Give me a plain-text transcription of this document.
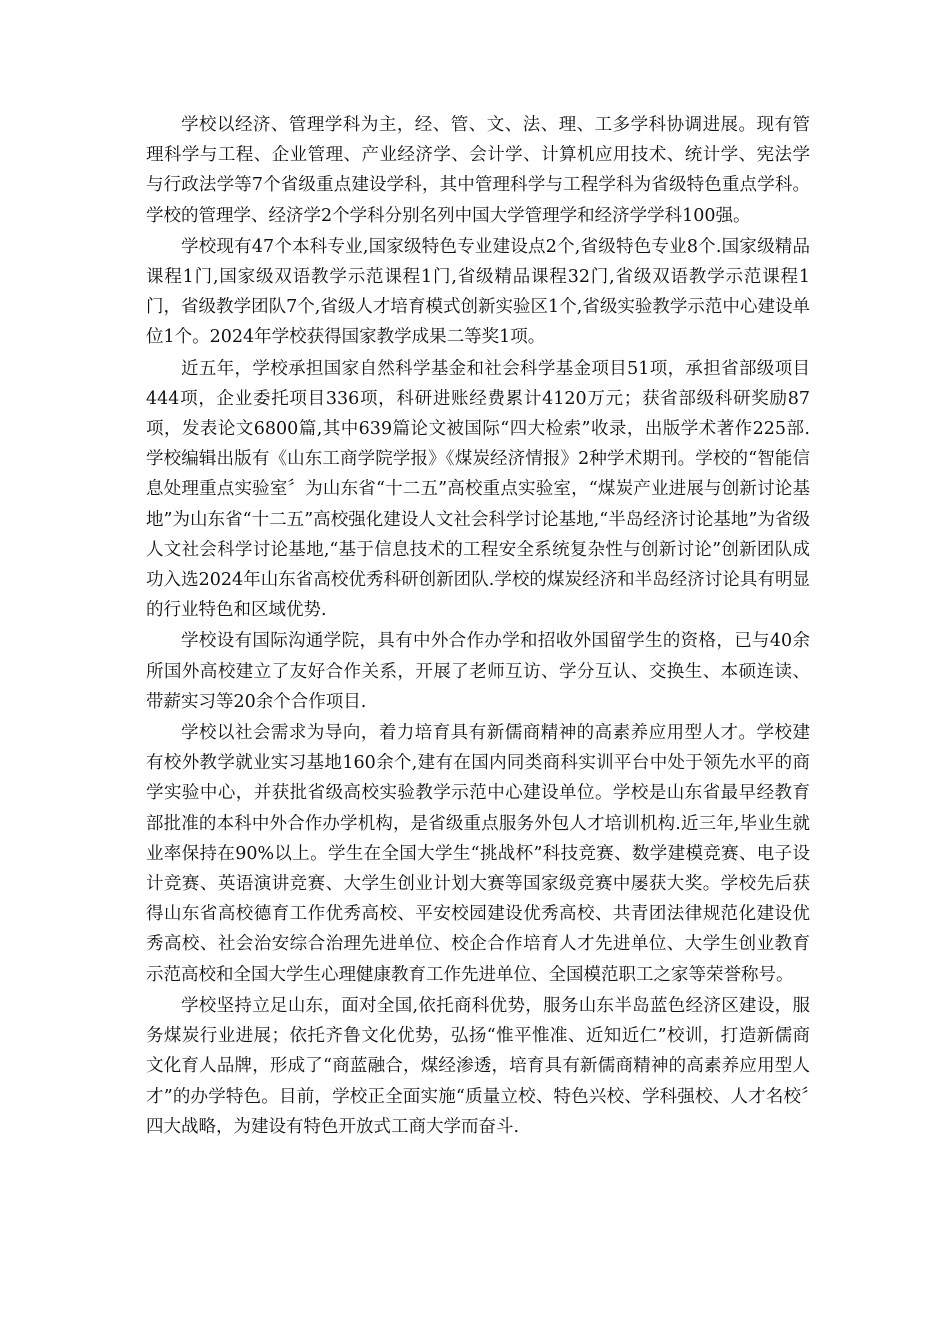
学校以经济、管理学科为主，经、管、文、法、理、工多学科协调进展。现有管理科学与工程、企业管理、产业经济学、会计学、计算机应用技术、统计学、宪法学与行政法学等7个省级重点建设学科，其中管理科学与工程学科为省级特色重点学科。学校的管理学、经济学2个学科分别名列中国大学管理学和经济学学科100强。

学校现有47个本科专业,国家级特色专业建设点2个,省级特色专业8个.国家级精品课程1门,国家级双语教学示范课程1门,省级精品课程32门,省级双语教学示范课程1门，省级教学团队7个,省级人才培育模式创新实验区1个,省级实验教学示范中心建设单位1个。2024年学校获得国家教学成果二等奖1项。

近五年，学校承担国家自然科学基金和社会科学基金项目51项，承担省部级项目444项，企业委托项目336项，科研进账经费累计4120万元；获省部级科研奖励87项，发表论文6800篇,其中639篇论文被国际“四大检索”收录，出版学术著作225部.学校编辑出版有《山东工商学院学报》《煤炭经济情报》2种学术期刊。学校的“智能信息处理重点实验室〞为山东省“十二五”高校重点实验室，“煤炭产业进展与创新讨论基地”为山东省“十二五”高校强化建设人文社会科学讨论基地,“半岛经济讨论基地”为省级人文社会科学讨论基地,“基于信息技术的工程安全系统复杂性与创新讨论”创新团队成功入选2024年山东省高校优秀科研创新团队.学校的煤炭经济和半岛经济讨论具有明显的行业特色和区域优势.

学校设有国际沟通学院，具有中外合作办学和招收外国留学生的资格，已与40余所国外高校建立了友好合作关系，开展了老师互访、学分互认、交换生、本硕连读、带薪实习等20余个合作项目.

学校以社会需求为导向，着力培育具有新儒商精神的高素养应用型人才。学校建有校外教学就业实习基地160余个,建有在国内同类商科实训平台中处于领先水平的商学实验中心，并获批省级高校实验教学示范中心建设单位。学校是山东省最早经教育部批准的本科中外合作办学机构，是省级重点服务外包人才培训机构.近三年,毕业生就业率保持在90%以上。学生在全国大学生“挑战杯”科技竞赛、数学建模竞赛、电子设计竞赛、英语演讲竞赛、大学生创业计划大赛等国家级竞赛中屡获大奖。学校先后获得山东省高校德育工作优秀高校、平安校园建设优秀高校、共青团法律规范化建设优秀高校、社会治安综合治理先进单位、校企合作培育人才先进单位、大学生创业教育示范高校和全国大学生心理健康教育工作先进单位、全国模范职工之家等荣誉称号。

学校坚持立足山东，面对全国,依托商科优势，服务山东半岛蓝色经济区建设，服务煤炭行业进展；依托齐鲁文化优势，弘扬“惟平惟准、近知近仁”校训，打造新儒商文化育人品牌，形成了“商蓝融合，煤经渗透，培育具有新儒商精神的高素养应用型人才”的办学特色。目前，学校正全面实施“质量立校、特色兴校、学科强校、人才名校〞四大战略，为建设有特色开放式工商大学而奋斗.
